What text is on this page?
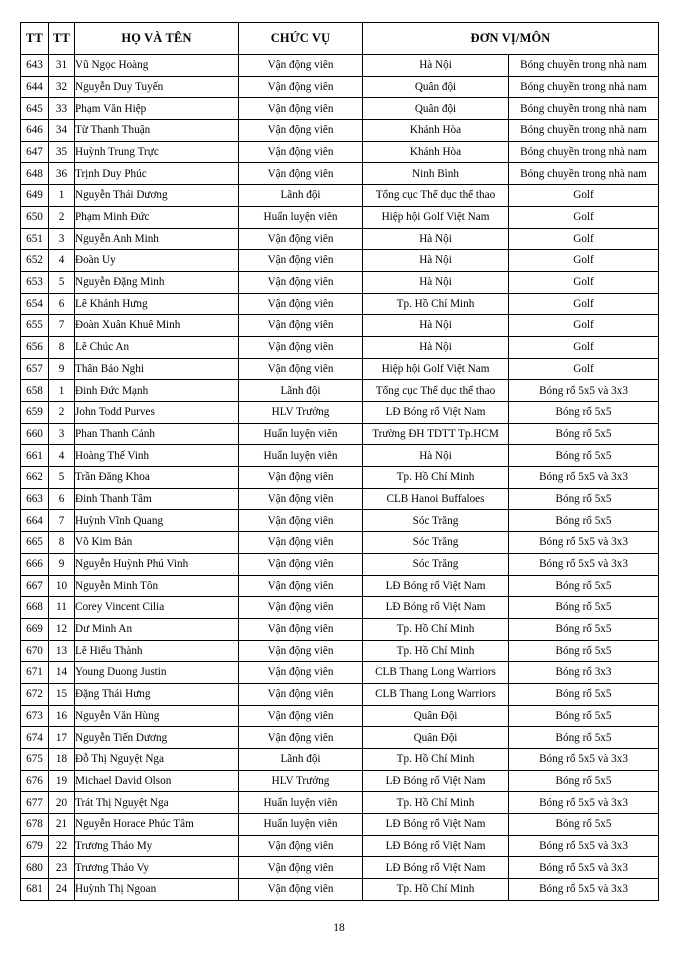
TT	TT	HỌ VÀ TÊN	CHỨC VỤ	ĐƠN VỊ/MÔN	
643	31	Vũ Ngọc Hoàng	Vận động viên	Hà Nội	Bóng chuyền trong nhà nam
644	32	Nguyễn Duy Tuyến	Vận động viên	Quân đội	Bóng chuyền trong nhà nam
645	33	Phạm Văn Hiệp	Vận động viên	Quân đội	Bóng chuyền trong nhà nam
646	34	Từ Thanh Thuận	Vận động viên	Khánh Hòa	Bóng chuyền trong nhà nam
647	35	Huỳnh Trung Trực	Vận động viên	Khánh Hòa	Bóng chuyền trong nhà nam
648	36	Trịnh Duy Phúc	Vận động viên	Ninh Bình	Bóng chuyền trong nhà nam
649	1	Nguyễn Thái Dương	Lãnh đội	Tổng cục Thể dục thể thao	Golf
650	2	Phạm Minh Đức	Huấn luyện viên	Hiệp hội Golf Việt Nam	Golf
651	3	Nguyễn Anh Minh	Vận động viên	Hà Nội	Golf
652	4	Đoàn Uy	Vận động viên	Hà Nội	Golf
653	5	Nguyễn Đặng Minh	Vận động viên	Hà Nội	Golf
654	6	Lê Khánh Hưng	Vận động viên	Tp. Hồ Chí Minh	Golf
655	7	Đoàn Xuân Khuê Minh	Vận động viên	Hà Nội	Golf
656	8	Lê Chúc An	Vận động viên	Hà Nội	Golf
657	9	Thân Bảo Nghi	Vận động viên	Hiệp hội Golf Việt Nam	Golf
658	1	Đinh Đức Mạnh	Lãnh đội	Tổng cục Thể dục thể thao	Bóng rổ 5x5 và 3x3
659	2	John Todd Purves	HLV Trưởng	LĐ Bóng rổ Việt Nam	Bóng rổ 5x5
660	3	Phan Thanh Cảnh	Huấn luyện viên	Trường ĐH TDTT Tp.HCM	Bóng rổ 5x5
661	4	Hoàng Thế Vinh	Huấn luyện viên	Hà Nội	Bóng rổ 5x5
662	5	Trần Đăng Khoa	Vận động viên	Tp. Hồ Chí Minh	Bóng rổ 5x5 và 3x3
663	6	Đinh Thanh Tâm	Vận động viên	CLB Hanoi Buffaloes	Bóng rổ 5x5
664	7	Huỳnh Vĩnh Quang	Vận động viên	Sóc Trăng	Bóng rổ 5x5
665	8	Võ Kim Bản	Vận động viên	Sóc Trăng	Bóng rổ 5x5 và 3x3
666	9	Nguyễn Huỳnh Phú Vinh	Vận động viên	Sóc Trăng	Bóng rổ 5x5 và 3x3
667	10	Nguyễn Minh Tôn	Vận động viên	LĐ Bóng rổ Việt Nam	Bóng rổ 5x5
668	11	Corey Vincent Cilia	Vận động viên	LĐ Bóng rổ Việt Nam	Bóng rổ 5x5
669	12	Dư Minh An	Vận động viên	Tp. Hồ Chí Minh	Bóng rổ 5x5
670	13	Lê Hiếu Thành	Vận động viên	Tp. Hồ Chí Minh	Bóng rổ 5x5
671	14	Young Duong Justin	Vận động viên	CLB Thang Long Warriors	Bóng rổ 3x3
672	15	Đặng Thái Hưng	Vận động viên	CLB Thang Long Warriors	Bóng rổ 5x5
673	16	Nguyễn Văn Hùng	Vận động viên	Quân Đội	Bóng rổ 5x5
674	17	Nguyễn Tiến Dương	Vận động viên	Quân Đội	Bóng rổ 5x5
675	18	Đỗ Thị Nguyệt Nga	Lãnh đội	Tp. Hồ Chí Minh	Bóng rổ 5x5 và 3x3
676	19	Michael David Olson	HLV Trưởng	LĐ Bóng rổ Việt Nam	Bóng rổ 5x5
677	20	Trát Thị Nguyệt Nga	Huấn luyện viên	Tp. Hồ Chí Minh	Bóng rổ 5x5 và 3x3
678	21	Nguyễn Horace Phúc Tâm	Huấn luyện viên	LĐ Bóng rổ Việt Nam	Bóng rổ 5x5
679	22	Trương Thảo My	Vận động viên	LĐ Bóng rổ Việt Nam	Bóng rổ 5x5 và 3x3
680	23	Trương Thảo Vy	Vận động viên	LĐ Bóng rổ Việt Nam	Bóng rổ 5x5 và 3x3
681	24	Huỳnh Thị Ngoan	Vận động viên	Tp. Hồ Chí Minh	Bóng rổ 5x5 và 3x3
18
